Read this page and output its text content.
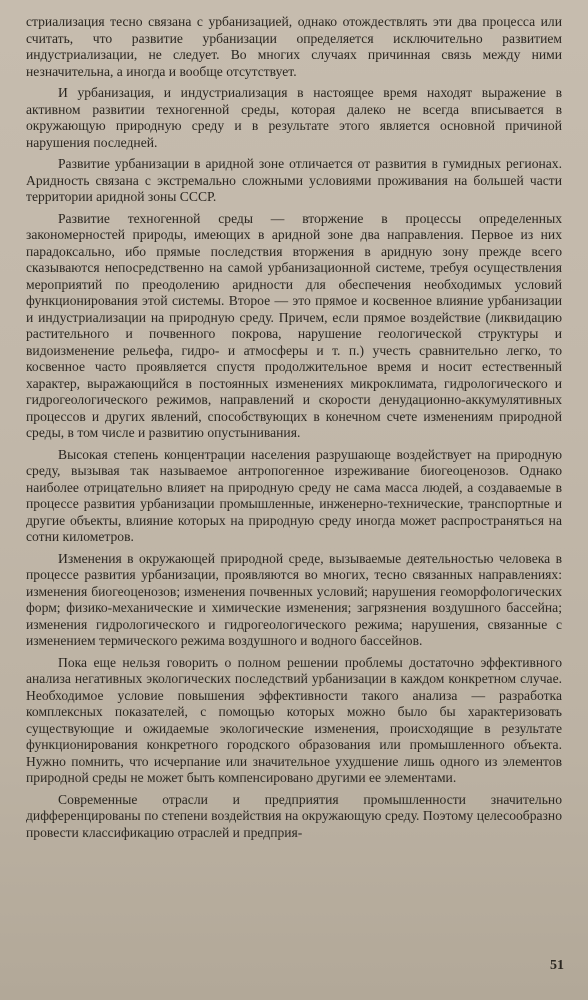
стриализация тесно связана с урбанизацией, однако отождествлять эти два процесса или считать, что развитие урбанизации определяется исключительно развитием индустриализации, не следует. Во многих случаях причинная связь между ними незначительна, а иногда и вообще отсутствует.

И урбанизация, и индустриализация в настоящее время находят выражение в активном развитии техногенной среды, которая далеко не всегда вписывается в окружающую природную среду и в результате этого является основной причиной нарушения последней.

Развитие урбанизации в аридной зоне отличается от развития в гумидных регионах. Аридность связана с экстремально сложными условиями проживания на большей части территории аридной зоны СССР.

Развитие техногенной среды — вторжение в процессы определенных закономерностей природы, имеющих в аридной зоне два направления. Первое из них парадоксально, ибо прямые последствия вторжения в аридную зону прежде всего сказываются непосредственно на самой урбанизационной системе, требуя осуществления мероприятий по преодолению аридности для обеспечения необходимых условий функционирования этой системы. Второе — это прямое и косвенное влияние урбанизации и индустриализации на природную среду. Причем, если прямое воздействие (ликвидацию растительного и почвенного покрова, нарушение геологической структуры и видоизменение рельефа, гидро- и атмосферы и т. п.) учесть сравнительно легко, то косвенное часто проявляется спустя продолжительное время и носит естественный характер, выражающийся в постоянных изменениях микроклимата, гидрологического и гидрогеологического режимов, направлений и скорости денудационно-аккумулятивных процессов и других явлений, способствующих в конечном счете изменениям природной среды, в том числе и развитию опустынивания.

Высокая степень концентрации населения разрушающе воздействует на природную среду, вызывая так называемое антропогенное изреживание биогеоценозов. Однако наиболее отрицательно влияет на природную среду не сама масса людей, а создаваемые в процессе развития урбанизации промышленные, инженерно-технические, транспортные и другие объекты, влияние которых на природную среду иногда может распространяться на сотни километров.

Изменения в окружающей природной среде, вызываемые деятельностью человека в процессе развития урбанизации, проявляются во многих, тесно связанных направлениях: изменения биогеоценозов; изменения почвенных условий; нарушения геоморфологических форм; физико-механические и химические изменения; загрязнения воздушного бассейна; изменения гидрологического и гидрогеологического режима; нарушения, связанные с изменением термического режима воздушного и водного бассейнов.

Пока еще нельзя говорить о полном решении проблемы достаточно эффективного анализа негативных экологических последствий урбанизации в каждом конкретном случае. Необходимое условие повышения эффективности такого анализа — разработка комплексных показателей, с помощью которых можно было бы характеризовать существующие и ожидаемые экологические изменения, происходящие в результате функционирования конкретного городского образования или промышленного объекта. Нужно помнить, что исчерпание или значительное ухудшение лишь одного из элементов природной среды не может быть компенсировано другими ее элементами.

Современные отрасли и предприятия промышленности значительно дифференцированы по степени воздействия на окружающую среду. Поэтому целесообразно провести классификацию отраслей и предприя-

51
